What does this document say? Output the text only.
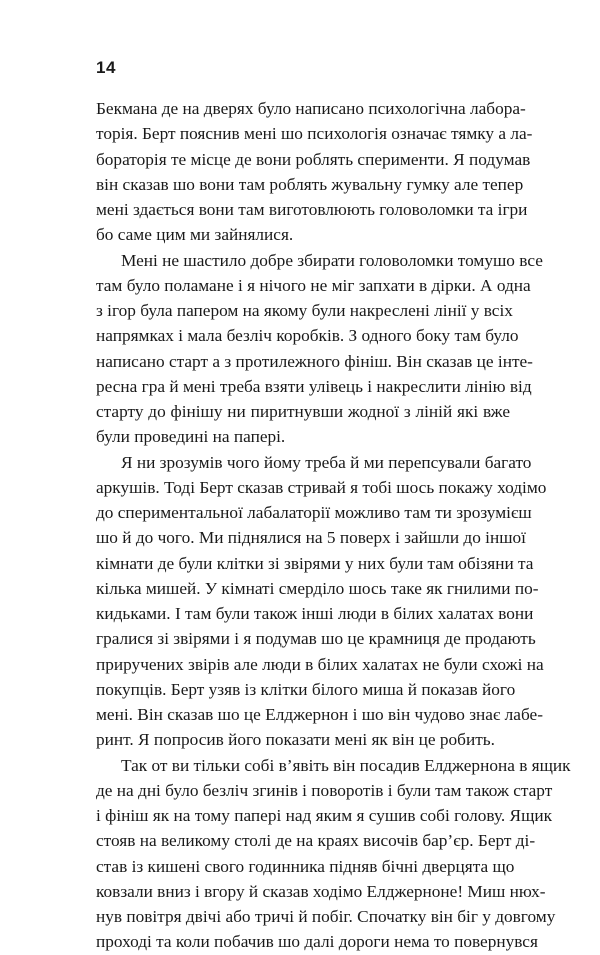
14

Бекмана де на дверях було написано психологічна лабора-
торія. Берт пояснив мені шо психологія означає тямку а ла-
бораторія те місце де вони роблять сперименти. Я подумав
він сказав шо вони там роблять жувальну гумку але тепер
мені здається вони там виготовлюють головоломки та ігри
бо саме цим ми зайнялися.

Мені не шастило добре збирати головоломки томушо все
там було поламане і я нічого не міг запхати в дірки. А одна
з ігор була папером на якому були накреслені лінії у всіх
напрямках і мала безліч коробків. З одного боку там було
написано старт а з протилежного фініш. Він сказав це інте-
ресна гра й мені треба взяти улівець і накреслити лінію від
старту до фінішу ни пиритнувши жодної з ліній які вже
були проведині на папері.

Я ни зрозумів чого йому треба й ми перепсували багато
аркушів. Тоді Берт сказав стривай я тобі шось покажу ходімо
до спериментальної лабалаторії можливо там ти зрозумієш
шо й до чого. Ми піднялися на 5 поверх і зайшли до іншої
кімнати де були клітки зі звірями у них були там обізяни та
кілька мишей. У кімнаті смердiло шось таке як гнилими по-
кидьками. І там були також інші люди в білих халатах вони
гралися зі звірями і я подумав шо це крамниця де продають
приручених звірів але люди в білих халатах не були схожі на
покупців. Берт узяв із клітки білого миша й показав його
мені. Він сказав шо це Елджернон і шо він чудово знає лабе-
ринт. Я попросив його показати мені як він це робить.

Так от ви тільки собі в’явіть він посадив Елджернона в ящик
де на дні було безліч згинів і поворотів і були там також старт
і фініш як на тому папері над яким я сушив собі голову. Ящик
стояв на великому столі де на краях височів бар’єр. Берт ді-
став із кишені свого годинника підняв бічні дверцята що
ковзали вниз і вгору й сказав ходімо Елджерноне! Миш нюх-
нув повітря двічі або тричі й побіг. Спочатку він біг у довгому
проході та коли побачив шо далі дороги нема то повернувся
